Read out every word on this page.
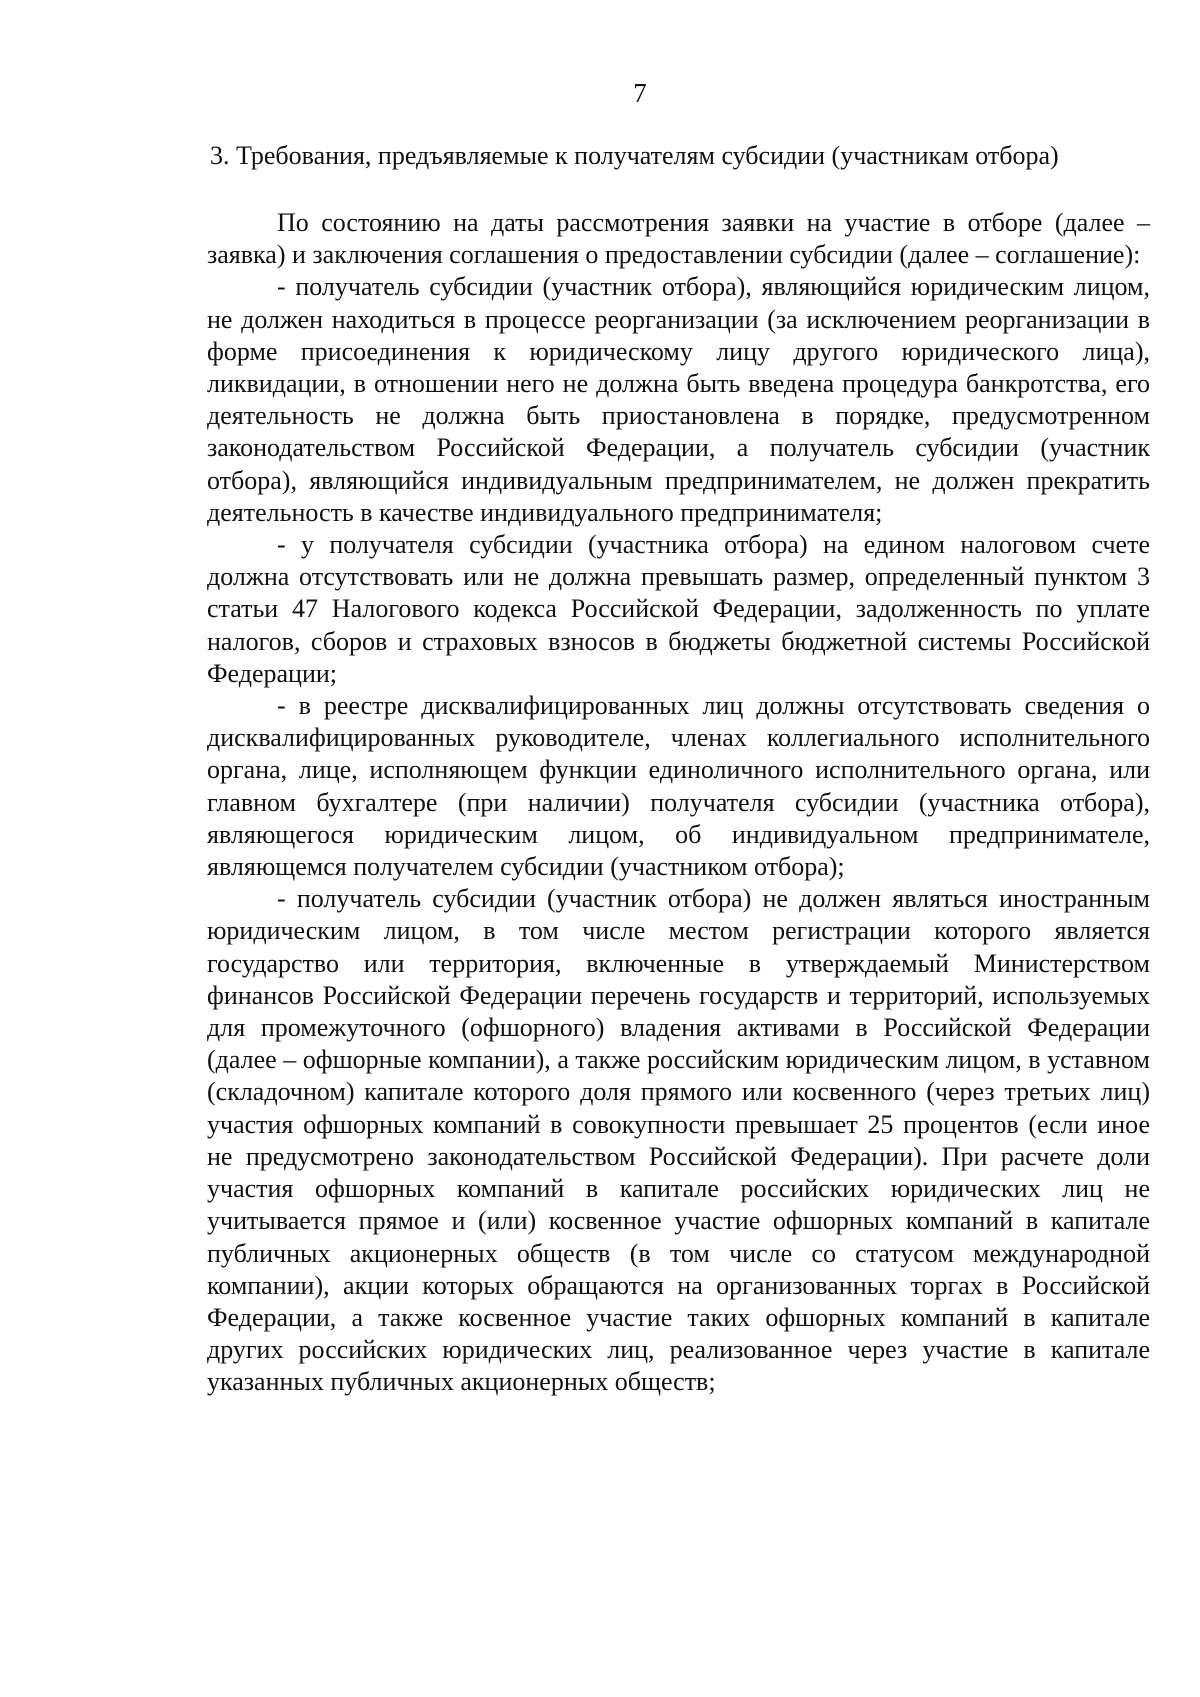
7
3. Требования, предъявляемые к получателям субсидии (участникам отбора)

По состоянию на даты рассмотрения заявки на участие в отборе (далее – заявка) и заключения соглашения о предоставлении субсидии (далее – соглашение):

- получатель субсидии (участник отбора), являющийся юридическим лицом, не должен находиться в процессе реорганизации (за исключением реорганизации в форме присоединения к юридическому лицу другого юридического лица), ликвидации, в отношении него не должна быть введена процедура банкротства, его деятельность не должна быть приостановлена в порядке, предусмотренном законодательством Российской Федерации, а получатель субсидии (участник отбора), являющийся индивидуальным предпринимателем, не должен прекратить деятельность в качестве индивидуального предпринимателя;

- у получателя субсидии (участника отбора) на едином налоговом счете должна отсутствовать или не должна превышать размер, определенный пунктом 3 статьи 47 Налогового кодекса Российской Федерации, задолженность по уплате налогов, сборов и страховых взносов в бюджеты бюджетной системы Российской Федерации;

- в реестре дисквалифицированных лиц должны отсутствовать сведения о дисквалифицированных руководителе, членах коллегиального исполнительного органа, лице, исполняющем функции единоличного исполнительного органа, или главном бухгалтере (при наличии) получателя субсидии (участника отбора), являющегося юридическим лицом, об индивидуальном предпринимателе, являющемся получателем субсидии (участником отбора);

- получатель субсидии (участник отбора) не должен являться иностранным юридическим лицом, в том числе местом регистрации которого является государство или территория, включенные в утверждаемый Министерством финансов Российской Федерации перечень государств и территорий, используемых для промежуточного (офшорного) владения активами в Российской Федерации (далее – офшорные компании), а также российским юридическим лицом, в уставном (складочном) капитале которого доля прямого или косвенного (через третьих лиц) участия офшорных компаний в совокупности превышает 25 процентов (если иное не предусмотрено законодательством Российской Федерации). При расчете доли участия офшорных компаний в капитале российских юридических лиц не учитывается прямое и (или) косвенное участие офшорных компаний в капитале публичных акционерных обществ (в том числе со статусом международной компании), акции которых обращаются на организованных торгах в Российской Федерации, а также косвенное участие таких офшорных компаний в капитале других российских юридических лиц, реализованное через участие в капитале указанных публичных акционерных обществ;
